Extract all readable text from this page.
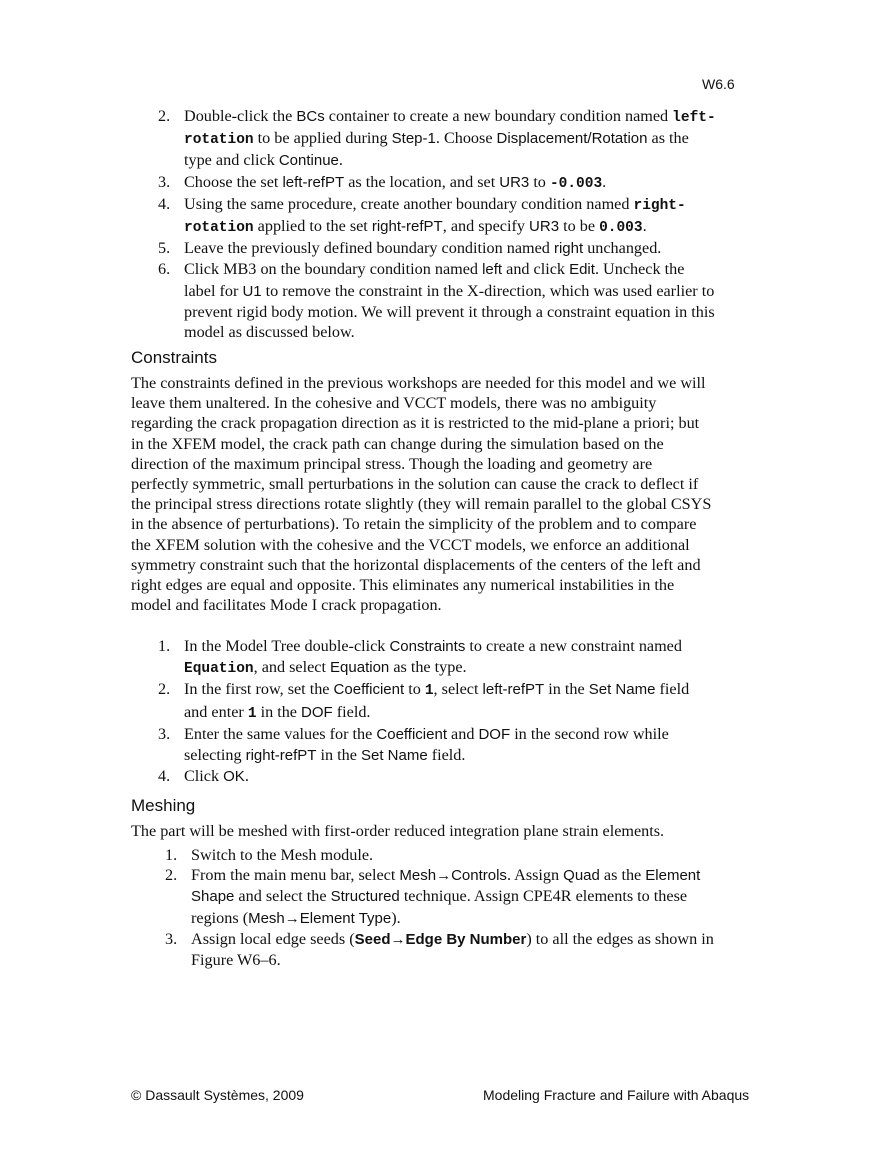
W6.6
2. Double-click the BCs container to create a new boundary condition named left-
rotation to be applied during Step-1. Choose Displacement/Rotation as the
type and click Continue.
3. Choose the set left-refPT as the location, and set UR3 to -0.003.
4. Using the same procedure, create another boundary condition named right-
rotation applied to the set right-refPT, and specify UR3 to be 0.003.
5. Leave the previously defined boundary condition named right unchanged.
6. Click MB3 on the boundary condition named left and click Edit. Uncheck the
label for U1 to remove the constraint in the X-direction, which was used earlier to
prevent rigid body motion. We will prevent it through a constraint equation in this
model as discussed below.
Constraints
The constraints defined in the previous workshops are needed for this model and we will
leave them unaltered. In the cohesive and VCCT models, there was no ambiguity
regarding the crack propagation direction as it is restricted to the mid-plane a priori; but
in the XFEM model, the crack path can change during the simulation based on the
direction of the maximum principal stress. Though the loading and geometry are
perfectly symmetric, small perturbations in the solution can cause the crack to deflect if
the principal stress directions rotate slightly (they will remain parallel to the global CSYS
in the absence of perturbations). To retain the simplicity of the problem and to compare
the XFEM solution with the cohesive and the VCCT models, we enforce an additional
symmetry constraint such that the horizontal displacements of the centers of the left and
right edges are equal and opposite. This eliminates any numerical instabilities in the
model and facilitates Mode I crack propagation.
1. In the Model Tree double-click Constraints to create a new constraint named
Equation, and select Equation as the type.
2. In the first row, set the Coefficient to 1, select left-refPT in the Set Name field
and enter 1 in the DOF field.
3. Enter the same values for the Coefficient and DOF in the second row while
selecting right-refPT in the Set Name field.
4. Click OK.
Meshing
The part will be meshed with first-order reduced integration plane strain elements.
1. Switch to the Mesh module.
2. From the main menu bar, select Mesh→Controls. Assign Quad as the Element
Shape and select the Structured technique. Assign CPE4R elements to these
regions (Mesh→Element Type).
3. Assign local edge seeds (Seed→Edge By Number) to all the edges as shown in
Figure W6–6.
© Dassault Systèmes, 2009	Modeling Fracture and Failure with Abaqus
